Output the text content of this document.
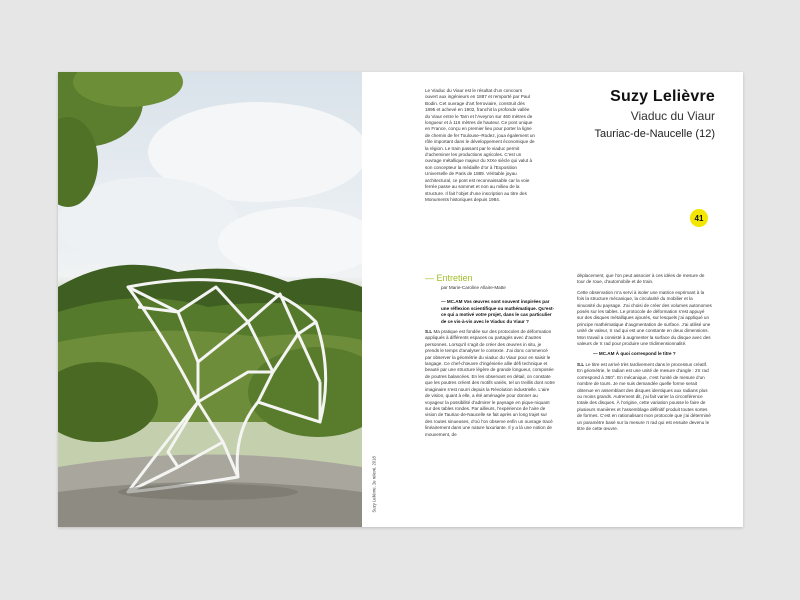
Suzy Lelièvre, 2e relevé, 2018
Suzy Lelièvre
Viaduc du Viaur
Tauriac-de-Naucelle (12)
41

Le Viaduc du Viaur est le résultat d’un concours ouvert aux ingénieurs en 1887 et remporté par Paul Bodin. Cet ouvrage d’art ferroviaire, construit dès 1895 et achevé en 1902, franchit la profonde vallée du Viaur entre le Tarn et l’Aveyron sur 460 mètres de longueur et à 116 mètres de hauteur. Ce pont unique en France, conçu en premier lieu pour porter la ligne de chemin de fer Toulouse–Rodez, joua également un rôle important dans le développement économique de la région. Le train passant par le viaduc permit d’acheminer les productions agricoles. C’est un ouvrage métallique majeur du XIXe siècle qui valut à son concepteur la médaille d’or à l’Exposition Universelle de Paris de 1889. Véritable joyau architectural, ce pont est reconnaissable car la voie ferrée passe au sommet et non au milieu de la structure. Il fait l’objet d’une inscription au titre des Monuments historiques depuis 1984.

— Entretien
par Marie-Caroline Allaire-Matte

— MC.AM Vos œuvres sont souvent inspirées par une réflexion scientifique ou mathématique. Qu’est-ce qui a motivé votre projet, dans le cas particulier de ce vis-à-vis avec le Viaduc du Viaur ?

S.L Ma pratique est fondée sur des protocoles de déformation appliqués à différents espaces ou partagés avec d’autres personnes. Lorsqu’il s’agit de créer des œuvres in situ, je prends le temps d’analyser le contexte. J’ai donc commencé par observer la géométrie du viaduc du Viaur pour en saisir le langage. Ce chef-d’œuvre d’ingénierie allie défi technique et beauté par une structure légère de grande longueur, composée de poutres balancées. En les observant en détail, on constate que les poutres créent des motifs variés, tel un treillis dont notre imaginaire s’est nourri depuis la Révolution industrielle. L’aire de vision, quant à elle, a été aménagée pour donner au voyageur la possibilité d’admirer le paysage en pique-niquant sur des tables rondes. Par ailleurs, l’expérience de l’aire de vision de Tauriac-de-Naucelle se fait après un long trajet sur des routes sinueuses, d’où l’on observe enfin un ouvrage tracé linéairement dans une nature luxuriante. Il y a là une notion de mouvement, de

déplacement, que l’on peut associer à ces idées de mesure de tour de roue, d’automobile et de train.

Cette observation m’a servi à isoler une matrice exprimant à la fois la structure mécanique, la circularité du mobilier et la sinuosité du paysage. J’ai choisi de créer des volumes autonomes posés sur les tables. Le protocole de déformation s’est appuyé sur des disques métalliques ajourés, sur lesquels j’ai appliqué un principe mathématique d’augmentation de surface. J’ai utilisé une unité de valeur, π rad qui est une constante en deux dimensions. Mon travail a consisté à augmenter la surface du disque avec des valeurs de π rad pour produire une tridimensionnalité.

— MC.AM À quoi correspond le titre ?

S.L Le titre est arrivé très tardivement dans le processus créatif. En géométrie, le radian est une unité de mesure d’angle : 2π rad correspond à 360°. En mécanique, c’est l’unité de mesure d’un nombre de tours. Je me suis demandée quelle forme serait obtenue en assemblant des disques identiques aux radians plus ou moins grands. Autrement dit, j’ai fait varier la circonférence totale des disques. À l’origine, cette variation pousse le faire de plusieurs manières et l’assemblage définitif produit toutes sortes de formes. C’est en rationalisant mon protocole que j’ai déterminé un paramètre basé sur la mesure π rad qui est ensuite devenu le titre de cette œuvre.
